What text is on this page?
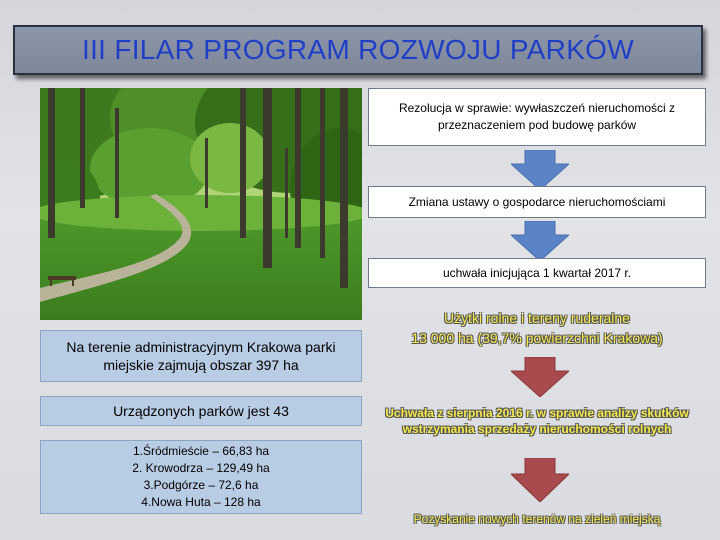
III FILAR PROGRAM ROZWOJU PARKÓW
Na terenie administracyjnym Krakowa parki miejskie zajmują obszar 397 ha
Urządzonych parków jest 43
1.Śródmieście – 66,83 ha
2. Krowodrza – 129,49 ha
3.Podgórze – 72,6 ha
4.Nowa Huta – 128 ha
Rezolucja w sprawie: wywłaszczeń nieruchomości z przeznaczeniem pod budowę parków
Zmiana ustawy o gospodarce nieruchomościami
uchwała inicjująca 1 kwartał 2017 r.
Użytki rolne i tereny ruderalne
13 000 ha (39,7% powierzchni Krakowa)
Uchwała z sierpnia 2016 r. w sprawie analizy skutków wstrzymania sprzedaży nieruchomości rolnych
Pozyskanie nowych terenów na zieleń miejską
